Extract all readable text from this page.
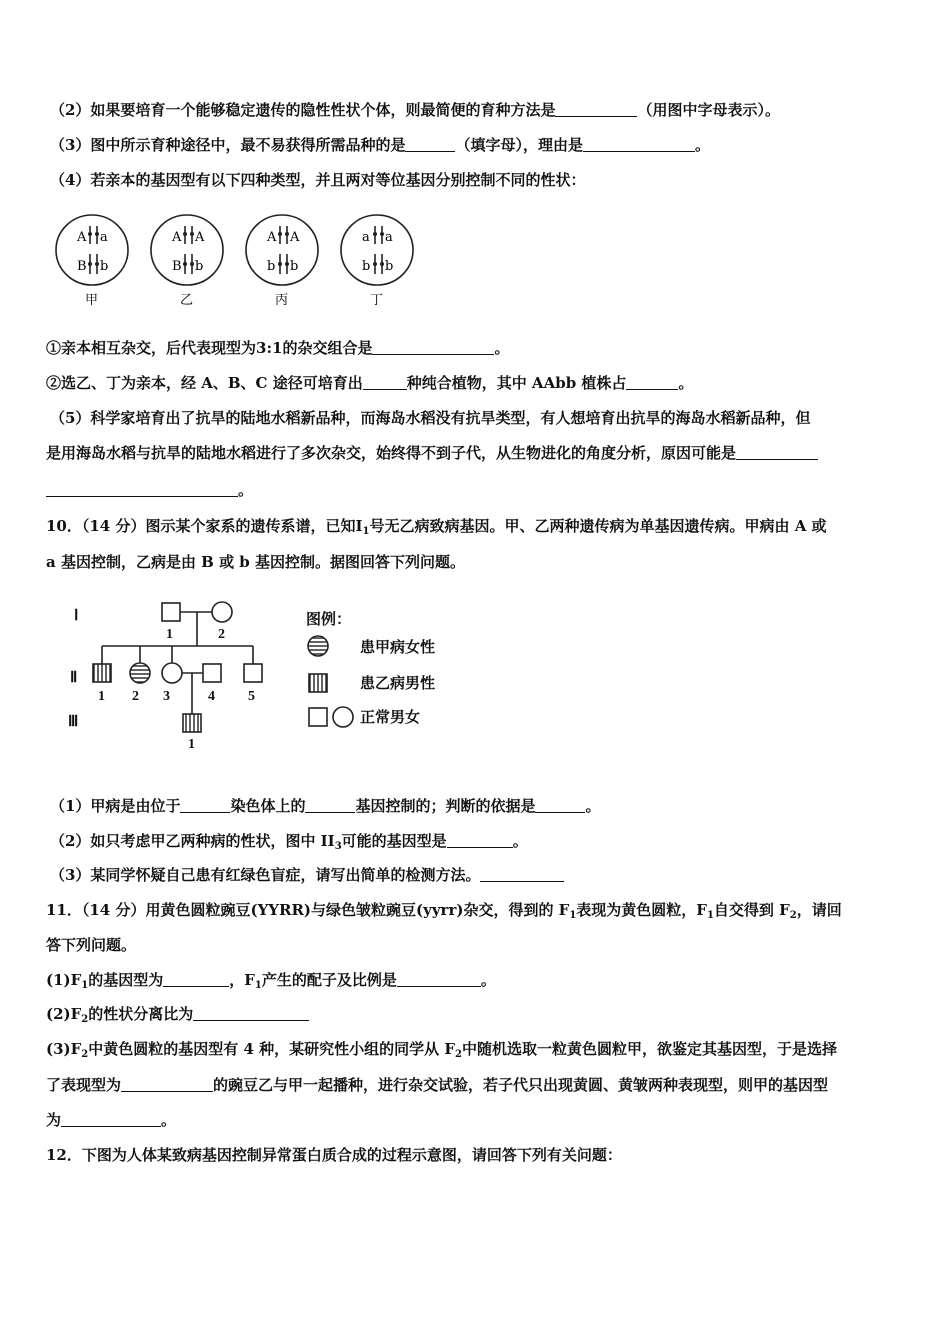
（2）如果要培育一个能够稳定遗传的隐性性状个体，则最简便的育种方法是	（用图中字母表示）。
（3）图中所示育种途径中，最不易获得所需品种的是	（填字母），理由是	。
（4）若亲本的基因型有以下四种类型，并且两对等位基因分别控制不同的性状：
A a
B b
甲
A A
B b
乙
A A
b b
丙
a a
b b
丁
①亲本相互杂交，后代表现型为3:1的杂交组合是	。
②选乙、丁为亲本，经 A、B、C 途径可培育出	种纯合植物，其中 AAbb 植株占	。
（5）科学家培育出了抗旱的陆地水稻新品种，而海岛水稻没有抗旱类型，有人想培育出抗旱的海岛水稻新品种，但
是用海岛水稻与抗旱的陆地水稻进行了多次杂交，始终得不到子代，从生物进化的角度分析，原因可能是
。
10．（14 分）图示某个家系的遗传系谱，已知$Ⅰ_1$号无乙病致病基因。甲、乙两种遗传病为单基因遗传病。甲病由 A 或
a 基因控制，乙病是由 B 或 b 基因控制。据图回答下列问题。
Ⅰ
Ⅱ
Ⅲ
1	2
1 2 3	4 5
1
图例：
患甲病女性
患乙病男性
正常男女
（1）甲病是由位于	染色体上的	基因控制的；判断的依据是	。
（2）如只考虑甲乙两种病的性状，图中 $II_3$可能的基因型是	。
（3）某同学怀疑自己患有红绿色盲症，请写出简单的检测方法。
11．（14 分）用黄色圆粒豌豆(YYRR)与绿色皱粒豌豆(yyrr)杂交，得到的 $F_1$表现为黄色圆粒，$F_1$自交得到 $F_2$，请回
答下列问题。
$(1)F_1$的基因型为	，$F_1$产生的配子及比例是	。
$(2)F_2$的性状分离比为
$(3)F_2$中黄色圆粒的基因型有 4 种，某研究性小组的同学从 $F_2$中随机选取一粒黄色圆粒甲，欲鉴定其基因型，于是选择
了表现型为	的豌豆乙与甲一起播种，进行杂交试验，若子代只出现黄圆、黄皱两种表现型，则甲的基因型
为	。
12．下图为人体某致病基因控制异常蛋白质合成的过程示意图，请回答下列有关问题：
